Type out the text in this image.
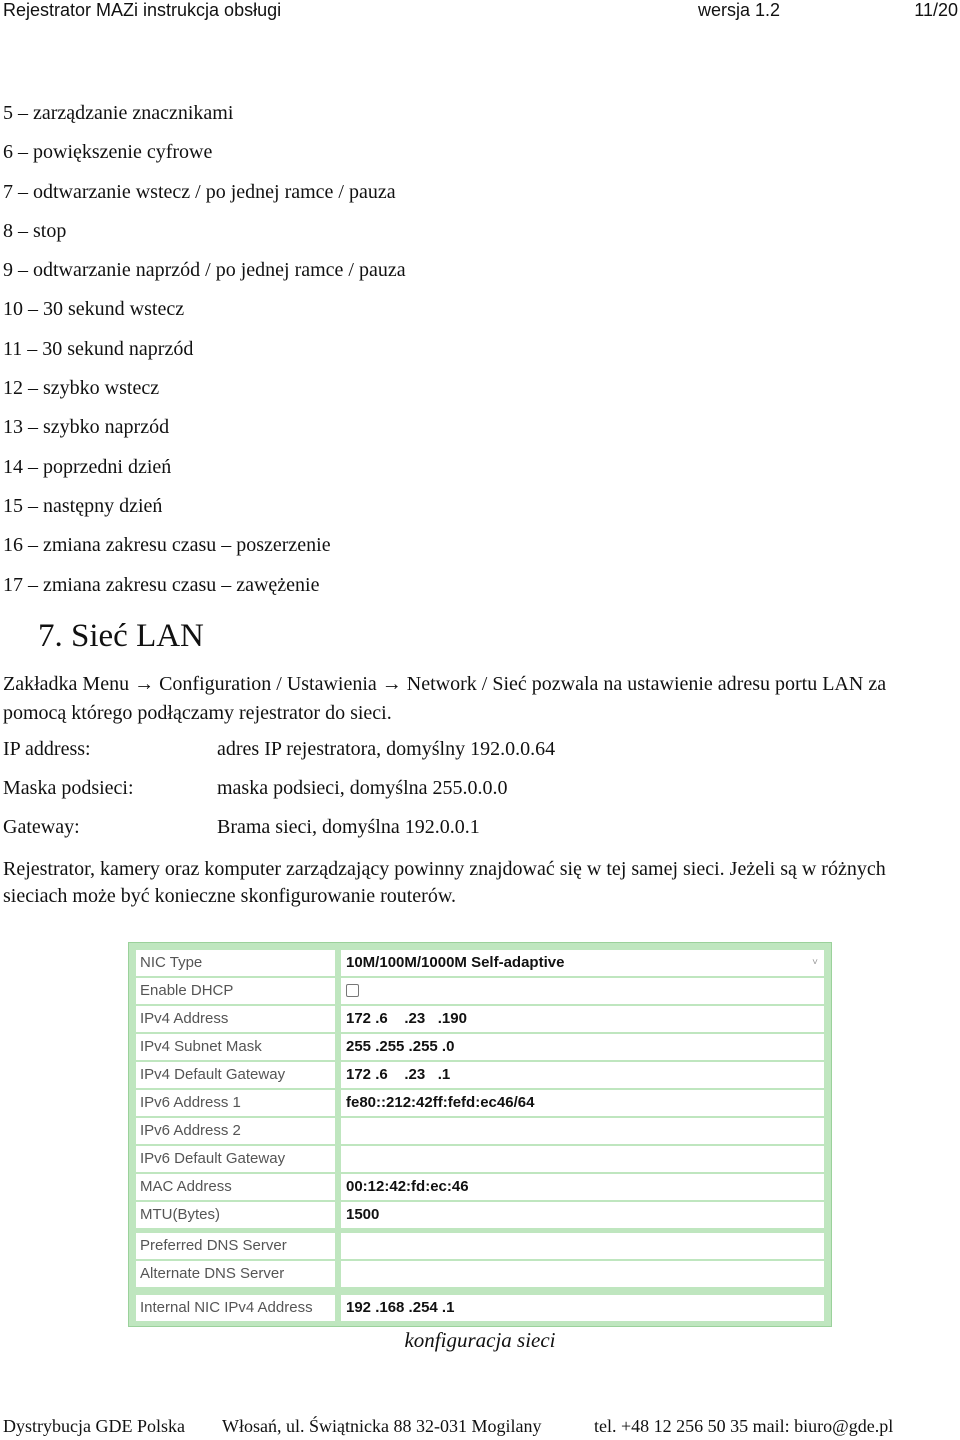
Rejestrator MAZi instrukcja obsługi	wersja 1.2	11/20
5 – zarządzanie znacznikami
6 – powiększenie cyfrowe
7 – odtwarzanie wstecz / po jednej ramce / pauza
8 – stop
9 – odtwarzanie naprzód / po jednej ramce / pauza
10 – 30 sekund wstecz
11 – 30 sekund naprzód
12 – szybko wstecz
13 – szybko naprzód
14 – poprzedni dzień
15 – następny dzień
16 – zmiana zakresu czasu – poszerzenie
17 – zmiana zakresu czasu – zawężenie
7. Sieć LAN

Zakładka Menu → Configuration / Ustawienia → Network / Sieć pozwala na ustawienie adresu portu LAN za pomocą którego podłączamy rejestrator do sieci.

IP address:	adres IP rejestratora, domyślny 192.0.0.64
Maska podsieci:	maska podsieci, domyślna 255.0.0.0
Gateway:	Brama sieci, domyślna 192.0.0.1

Rejestrator, kamery oraz komputer zarządzający powinny znajdować się w tej samej sieci. Jeżeli są w różnych sieciach może być konieczne skonfigurowanie routerów.

NIC Type	10M/100M/1000M Self-adaptive	˅
Enable DHCP
IPv4 Address	172 .6    .23   .190
IPv4 Subnet Mask	255 .255 .255 .0
IPv4 Default Gateway	172 .6    .23   .1
IPv6 Address 1	fe80::212:42ff:fefd:ec46/64
IPv6 Address 2
IPv6 Default Gateway
MAC Address	00:12:42:fd:ec:46
MTU(Bytes)	1500
Preferred DNS Server
Alternate DNS Server
Internal NIC IPv4 Address	192 .168 .254 .1

konfiguracja sieci

Dystrybucja GDE Polska Włosań, ul. Świątnicka 88 32-031 Mogilany	tel. +48 12 256 50 35 mail: biuro@gde.pl
